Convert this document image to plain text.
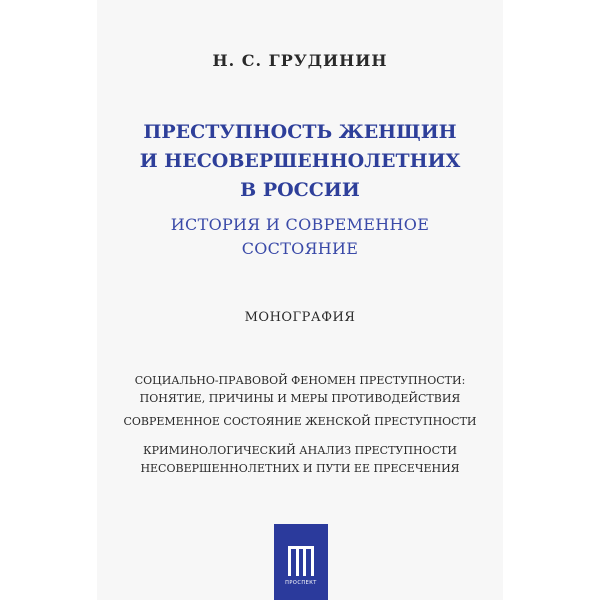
Н. С. ГРУДИНИН
ПРЕСТУПНОСТЬ ЖЕНЩИН
И НЕСОВЕРШЕННОЛЕТНИХ
В РОССИИ
ИСТОРИЯ И СОВРЕМЕННОЕ
СОСТОЯНИЕ
МОНОГРАФИЯ
СОЦИАЛЬНО-ПРАВОВОЙ ФЕНОМЕН ПРЕСТУПНОСТИ:
ПОНЯТИЕ, ПРИЧИНЫ И МЕРЫ ПРОТИВОДЕЙСТВИЯ
СОВРЕМЕННОЕ СОСТОЯНИЕ ЖЕНСКОЙ ПРЕСТУПНОСТИ
КРИМИНОЛОГИЧЕСКИЙ АНАЛИЗ ПРЕСТУПНОСТИ
НЕСОВЕРШЕННОЛЕТНИХ И ПУТИ ЕЕ ПРЕСЕЧЕНИЯ
ПРОСПЕКТ
